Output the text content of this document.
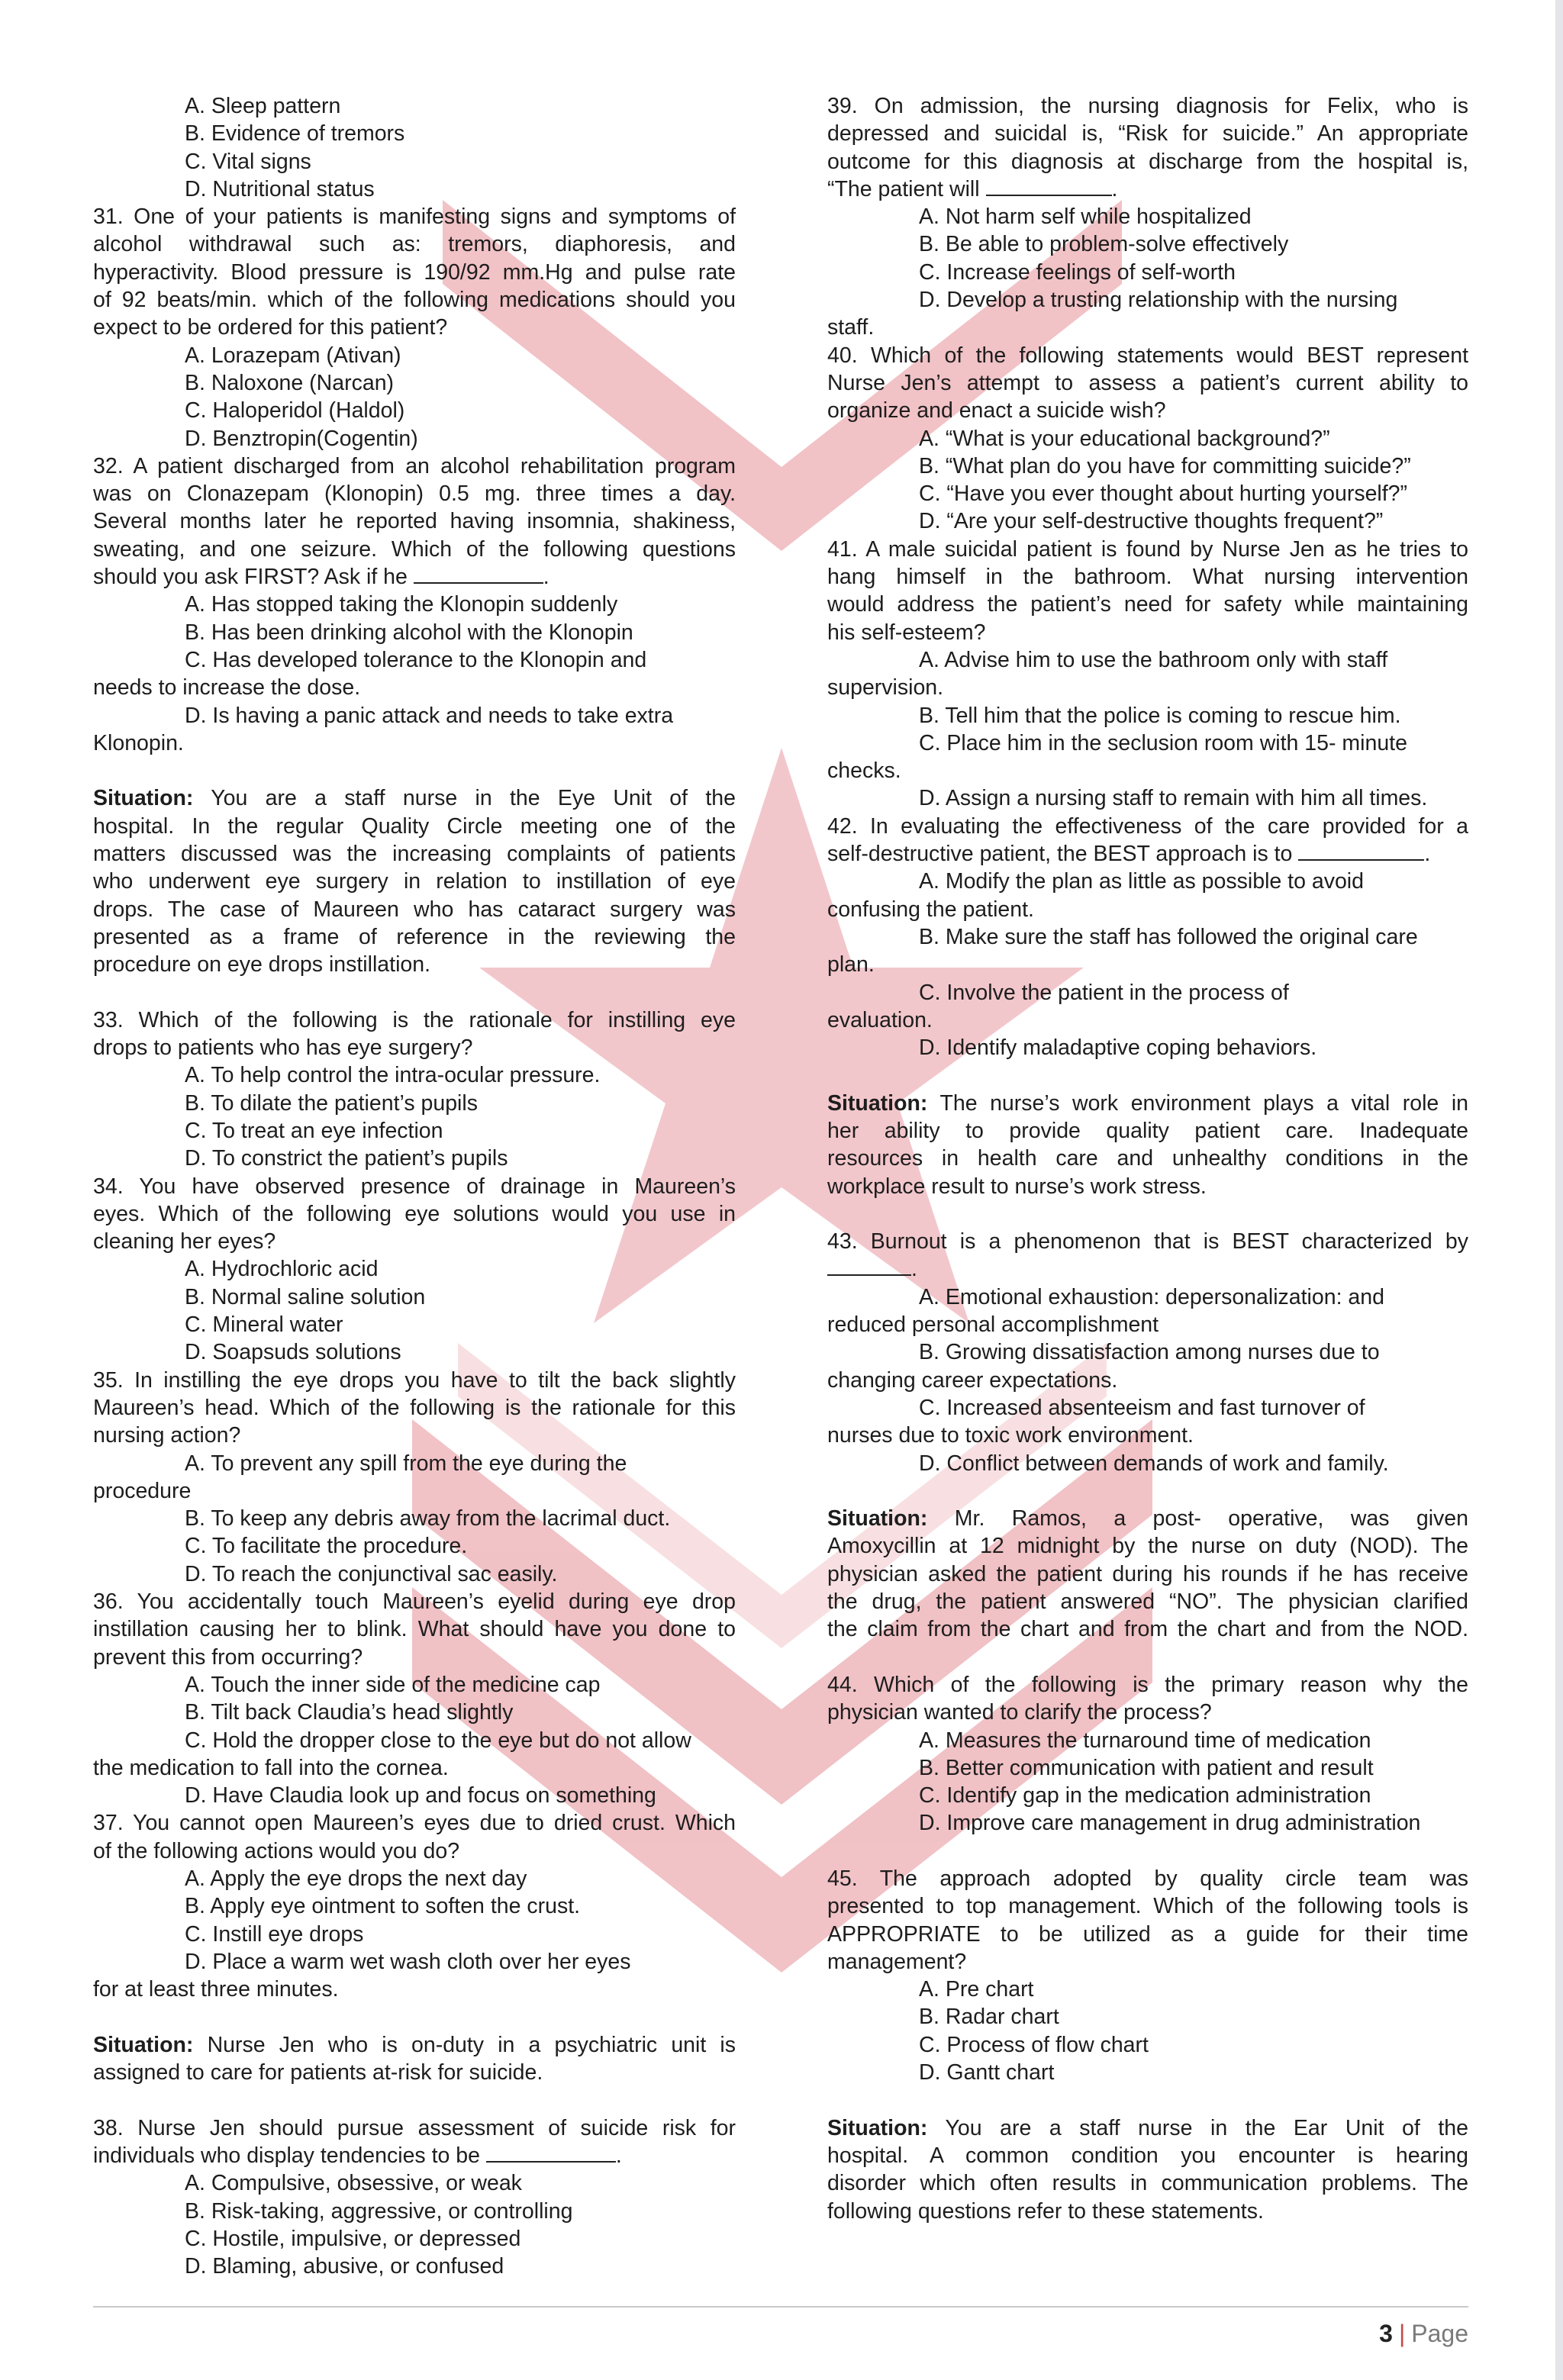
A. Sleep pattern
B. Evidence of tremors
C. Vital signs
D. Nutritional status
31. One of your patients is manifesting signs and symptoms of
alcohol withdrawal such as: tremors, diaphoresis, and
hyperactivity. Blood pressure is 190/92 mm.Hg and pulse rate
of 92 beats/min. which of the following medications should you
expect to be ordered for this patient?
A. Lorazepam (Ativan)
B. Naloxone (Narcan)
C. Haloperidol (Haldol)
D. Benztropin(Cogentin)
32. A patient discharged from an alcohol rehabilitation program
was on Clonazepam (Klonopin) 0.5 mg. three times a day.
Several months later he reported having insomnia, shakiness,
sweating, and one seizure. Which of the following questions
should you ask FIRST? Ask if he	.
A. Has stopped taking the Klonopin suddenly
B. Has been drinking alcohol with the Klonopin
C. Has developed tolerance to the Klonopin and
needs to increase the dose.
D. Is having a panic attack and needs to take extra
Klonopin.
Situation: You are a staff nurse in the Eye Unit of the
hospital. In the regular Quality Circle meeting one of the
matters discussed was the increasing complaints of patients
who underwent eye surgery in relation to instillation of eye
drops. The case of Maureen who has cataract surgery was
presented as a frame of reference in the reviewing the
procedure on eye drops instillation.
33. Which of the following is the rationale for instilling eye
drops to patients who has eye surgery?
A. To help control the intra-ocular pressure.
B. To dilate the patient’s pupils
C. To treat an eye infection
D. To constrict the patient’s pupils
34. You have observed presence of drainage in Maureen’s
eyes. Which of the following eye solutions would you use in
cleaning her eyes?
A. Hydrochloric acid
B. Normal saline solution
C. Mineral water
D. Soapsuds solutions
35. In instilling the eye drops you have to tilt the back slightly
Maureen’s head. Which of the following is the rationale for this
nursing action?
A. To prevent any spill from the eye during the
procedure
B. To keep any debris away from the lacrimal duct.
C. To facilitate the procedure.
D. To reach the conjunctival sac easily.
36. You accidentally touch Maureen’s eyelid during eye drop
instillation causing her to blink. What should have you done to
prevent this from occurring?
A. Touch the inner side of the medicine cap
B. Tilt back Claudia’s head slightly
C. Hold the dropper close to the eye but do not allow
the medication to fall into the cornea.
D. Have Claudia look up and focus on something
37. You cannot open Maureen’s eyes due to dried crust. Which
of the following actions would you do?
A. Apply the eye drops the next day
B. Apply eye ointment to soften the crust.
C. Instill eye drops
D. Place a warm wet wash cloth over her eyes
for at least three minutes.
Situation: Nurse Jen who is on-duty in a psychiatric unit is
assigned to care for patients at-risk for suicide.
38. Nurse Jen should pursue assessment of suicide risk for
individuals who display tendencies to be	.
A. Compulsive, obsessive, or weak
B. Risk-taking, aggressive, or controlling
C. Hostile, impulsive, or depressed
D. Blaming, abusive, or confused
39. On admission, the nursing diagnosis for Felix, who is
depressed and suicidal is, “Risk for suicide.” An appropriate
outcome for this diagnosis at discharge from the hospital is,
“The patient will	.
A. Not harm self while hospitalized
B. Be able to problem-solve effectively
C. Increase feelings of self-worth
D. Develop a trusting relationship with the nursing
staff.
40. Which of the following statements would BEST represent
Nurse Jen’s attempt to assess a patient’s current ability to
organize and enact a suicide wish?
A. “What is your educational background?”
B. “What plan do you have for committing suicide?”
C. “Have you ever thought about hurting yourself?”
D. “Are your self-destructive thoughts frequent?”
41. A male suicidal patient is found by Nurse Jen as he tries to
hang himself in the bathroom. What nursing intervention
would address the patient’s need for safety while maintaining
his self-esteem?
A. Advise him to use the bathroom only with staff
supervision.
B. Tell him that the police is coming to rescue him.
C. Place him in the seclusion room with 15- minute
checks.
D. Assign a nursing staff to remain with him all times.
42. In evaluating the effectiveness of the care provided for a
self-destructive patient, the BEST approach is to	.
A. Modify the plan as little as possible to avoid
confusing the patient.
B. Make sure the staff has followed the original care
plan.
C. Involve the patient in the process of
evaluation.
D. Identify maladaptive coping behaviors.
Situation: The nurse’s work environment plays a vital role in
her ability to provide quality patient care. Inadequate
resources in health care and unhealthy conditions in the
workplace result to nurse’s work stress.
43. Burnout is a phenomenon that is BEST characterized by
.
A. Emotional exhaustion: depersonalization: and
reduced personal accomplishment
B. Growing dissatisfaction among nurses due to
changing career expectations.
C. Increased absenteeism and fast turnover of
nurses due to toxic work environment.
D. Conflict between demands of work and family.
Situation: Mr. Ramos, a post- operative, was given
Amoxycillin at 12 midnight by the nurse on duty (NOD). The
physician asked the patient during his rounds if he has receive
the drug, the patient answered “NO”. The physician clarified
the claim from the chart and from the chart and from the NOD.
44. Which of the following is the primary reason why the
physician wanted to clarify the process?
A. Measures the turnaround time of medication
B. Better communication with patient and result
C. Identify gap in the medication administration
D. Improve care management in drug administration
45. The approach adopted by quality circle team was
presented to top management. Which of the following tools is
APPROPRIATE to be utilized as a guide for their time
management?
A. Pre chart
B. Radar chart
C. Process of flow chart
D. Gantt chart
Situation: You are a staff nurse in the Ear Unit of the
hospital. A common condition you encounter is hearing
disorder which often results in communication problems. The
following questions refer to these statements.
3 | Page
